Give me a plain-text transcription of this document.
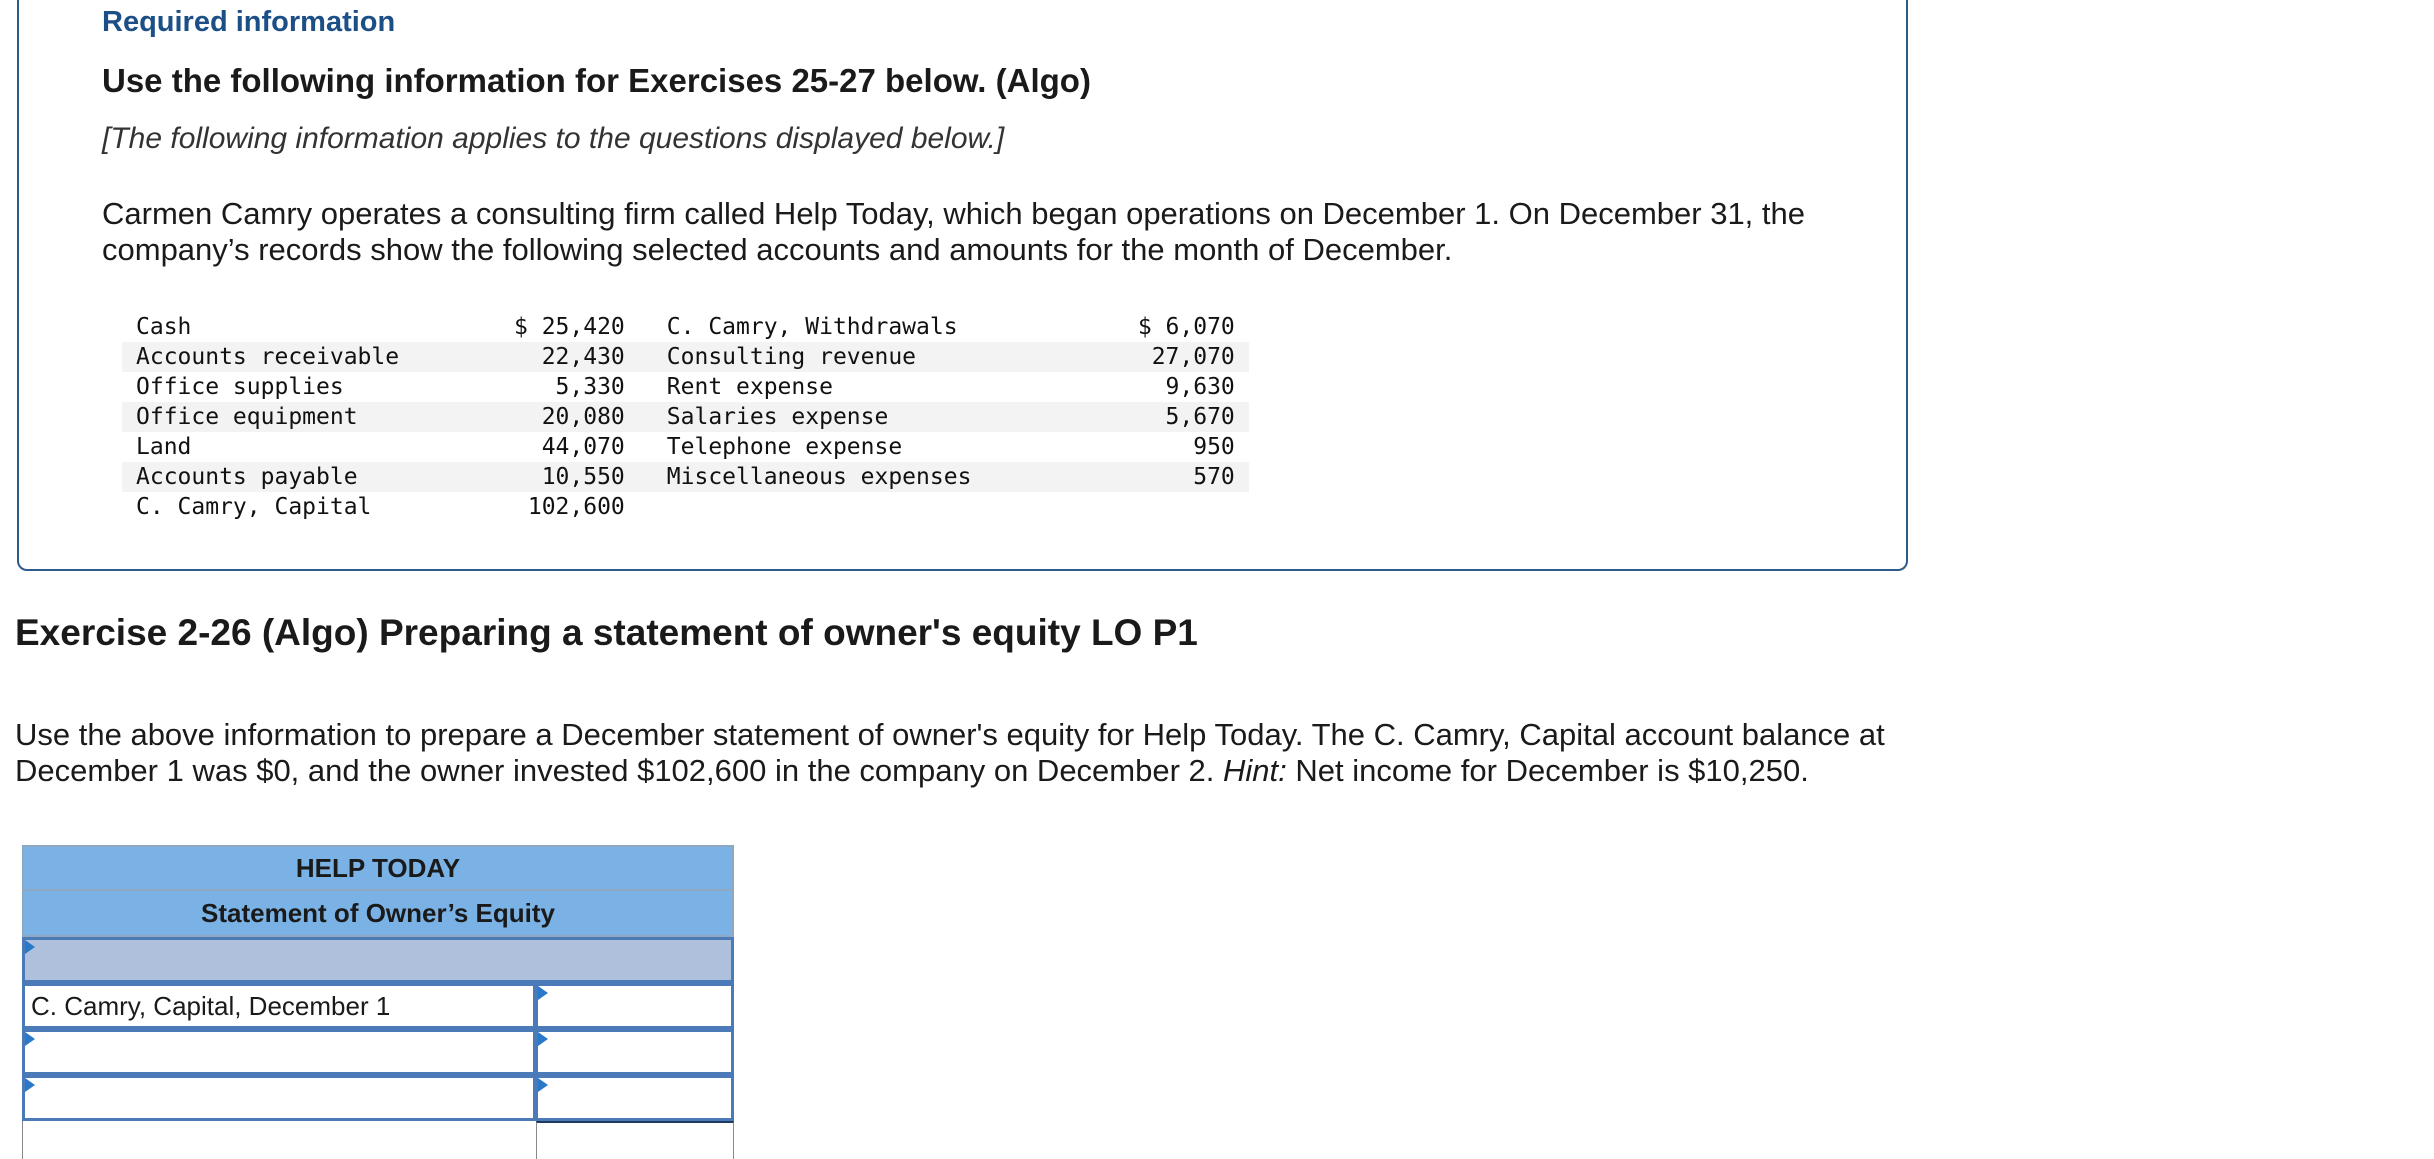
Required information
Use the following information for Exercises 25-27 below. (Algo)
[The following information applies to the questions displayed below.]
Carmen Camry operates a consulting firm called Help Today, which began operations on December 1. On December 31, the company’s records show the following selected accounts and amounts for the month of December.
Cash	$ 25,420	C. Camry, Withdrawals	$ 6,070
Accounts receivable	22,430	Consulting revenue	27,070
Office supplies	5,330	Rent expense	9,630
Office equipment	20,080	Salaries expense	5,670
Land	44,070	Telephone expense	950
Accounts payable	10,550	Miscellaneous expenses	570
C. Camry, Capital	102,600		
Exercise 2-26 (Algo) Preparing a statement of owner's equity LO P1
Use the above information to prepare a December statement of owner's equity for Help Today. The C. Camry, Capital account balance at December 1 was $0, and the owner invested $102,600 in the company on December 2. Hint: Net income for December is $10,250.
HELP TODAY
Statement of Owner’s Equity
C. Camry, Capital, December 1
